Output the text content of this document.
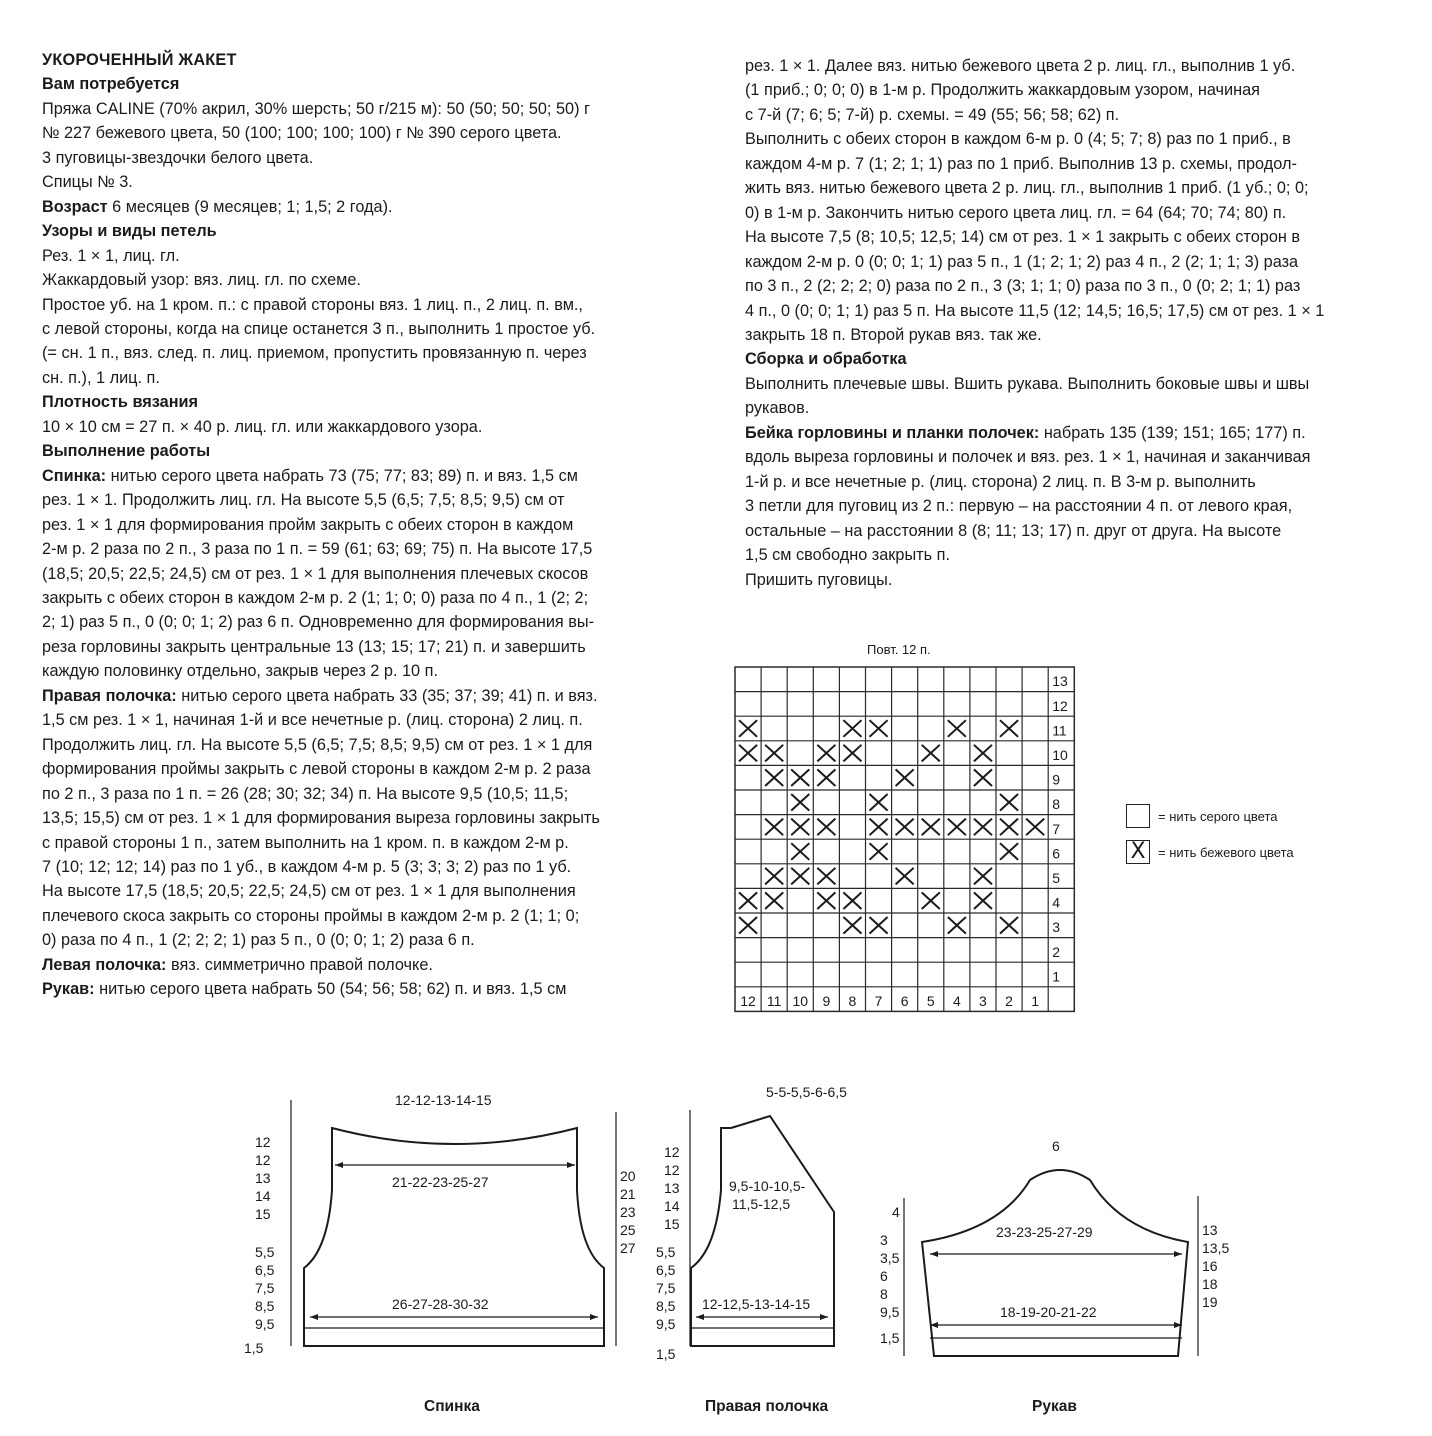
УКОРОЧЕННЫЙ ЖАКЕТ
Вам потребуется
Пряжа CALINE (70% акрил, 30% шерсть; 50 г/215 м): 50 (50; 50; 50; 50) г
№ 227 бежевого цвета, 50 (100; 100; 100; 100) г № 390 серого цвета.
3 пуговицы-звездочки белого цвета.
Спицы № 3.
Возраст 6 месяцев (9 месяцев; 1; 1,5; 2 года).
Узоры и виды петель
Рез. 1 × 1, лиц. гл.
Жаккардовый узор: вяз. лиц. гл. по схеме.
Простое уб. на 1 кром. п.: с правой стороны вяз. 1 лиц. п., 2 лиц. п. вм.,
с левой стороны, когда на спице останется 3 п., выполнить 1 простое уб.
(= сн. 1 п., вяз. след. п. лиц. приемом, пропустить провязанную п. через
сн. п.), 1 лиц. п.
Плотность вязания
10 × 10 см = 27 п. × 40 р. лиц. гл. или жаккардового узора.
Выполнение работы
Спинка: нитью серого цвета набрать 73 (75; 77; 83; 89) п. и вяз. 1,5 см
рез. 1 × 1. Продолжить лиц. гл. На высоте 5,5 (6,5; 7,5; 8,5; 9,5) см от
рез. 1 × 1 для формирования пройм закрыть с обеих сторон в каждом
2-м р. 2 раза по 2 п., 3 раза по 1 п. = 59 (61; 63; 69; 75) п. На высоте 17,5
(18,5; 20,5; 22,5; 24,5) см от рез. 1 × 1 для выполнения плечевых скосов
закрыть с обеих сторон в каждом 2-м р. 2 (1; 1; 0; 0) раза по 4 п., 1 (2; 2;
2; 1) раз 5 п., 0 (0; 0; 1; 2) раз 6 п. Одновременно для формирования вы-
реза горловины закрыть центральные 13 (13; 15; 17; 21) п. и завершить
каждую половинку отдельно, закрыв через 2 р. 10 п.
Правая полочка: нитью серого цвета набрать 33 (35; 37; 39; 41) п. и вяз.
1,5 см рез. 1 × 1, начиная 1-й и все нечетные р. (лиц. сторона) 2 лиц. п.
Продолжить лиц. гл. На высоте 5,5 (6,5; 7,5; 8,5; 9,5) см от рез. 1 × 1 для
формирования проймы закрыть с левой стороны в каждом 2-м р. 2 раза
по 2 п., 3 раза по 1 п. = 26 (28; 30; 32; 34) п. На высоте 9,5 (10,5; 11,5;
13,5; 15,5) см от рез. 1 × 1 для формирования выреза горловины закрыть
с правой стороны 1 п., затем выполнить на 1 кром. п. в каждом 2-м р.
7 (10; 12; 12; 14) раз по 1 уб., в каждом 4-м р. 5 (3; 3; 3; 2) раз по 1 уб.
На высоте 17,5 (18,5; 20,5; 22,5; 24,5) см от рез. 1 × 1 для выполнения
плечевого скоса закрыть со стороны проймы в каждом 2-м р. 2 (1; 1; 0;
0) раза по 4 п., 1 (2; 2; 2; 1) раз 5 п., 0 (0; 0; 1; 2) раза 6 п.
Левая полочка: вяз. симметрично правой полочке.
Рукав: нитью серого цвета набрать 50 (54; 56; 58; 62) п. и вяз. 1,5 см
рез. 1 × 1. Далее вяз. нитью бежевого цвета 2 р. лиц. гл., выполнив 1 уб.
(1 приб.; 0; 0; 0) в 1-м р. Продолжить жаккардовым узором, начиная
с 7-й (7; 6; 5; 7-й) р. схемы. = 49 (55; 56; 58; 62) п.
Выполнить с обеих сторон в каждом 6-м р. 0 (4; 5; 7; 8) раз по 1 приб., в
каждом 4-м р. 7 (1; 2; 1; 1) раз по 1 приб. Выполнив 13 р. схемы, продол-
жить вяз. нитью бежевого цвета 2 р. лиц. гл., выполнив 1 приб. (1 уб.; 0; 0;
0) в 1-м р. Закончить нитью серого цвета лиц. гл. = 64 (64; 70; 74; 80) п.
На высоте 7,5 (8; 10,5; 12,5; 14) см от рез. 1 × 1 закрыть с обеих сторон в
каждом 2-м р. 0 (0; 0; 1; 1) раз 5 п., 1 (1; 2; 1; 2) раз 4 п., 2 (2; 1; 1; 3) раза
по 3 п., 2 (2; 2; 2; 0) раза по 2 п., 3 (3; 1; 1; 0) раза по 3 п., 0 (0; 2; 1; 1) раз
4 п., 0 (0; 0; 1; 1) раз 5 п. На высоте 11,5 (12; 14,5; 16,5; 17,5) см от рез. 1 × 1
закрыть 18 п. Второй рукав вяз. так же.
Сборка и обработка
Выполнить плечевые швы. Вшить рукава. Выполнить боковые швы и швы
рукавов.
Бейка горловины и планки полочек: набрать 135 (139; 151; 165; 177) п.
вдоль выреза горловины и полочек и вяз. рез. 1 × 1, начиная и заканчивая
1-й р. и все нечетные р. (лиц. сторона) 2 лиц. п. В 3-м р. выполнить
3 петли для пуговиц из 2 п.: первую – на расстоянии 4 п. от левого края,
остальные – на расстоянии 8 (8; 11; 13; 17) п. друг от друга. На высоте
1,5 см свободно закрыть п.
Пришить пуговицы.
13
12
11
10
9
8
7
6
5
4
3
2
1
12 11 10 9 8 7 6 5 4 3 2 1
Повт. 12 п.
= нить серого цвета
X = нить бежевого цвета
12-12-13-14-15
21-22-23-25-27
26-27-28-30-32
12
12
13
14
15
5,5
6,5
7,5
8,5
9,5
1,5
20
21
23
25
27
Спинка
5-5-5,5-6-6,5
9,5-10-10,5-
11,5-12,5
12-12,5-13-14-15
12
12
13
14
15
5,5
6,5
7,5
8,5
9,5
1,5
Правая полочка
6
23-23-25-27-29
18-19-20-21-22
4
3
3,5
6
8
9,5
1,5
13
13,5
16
18
19
Рукав
